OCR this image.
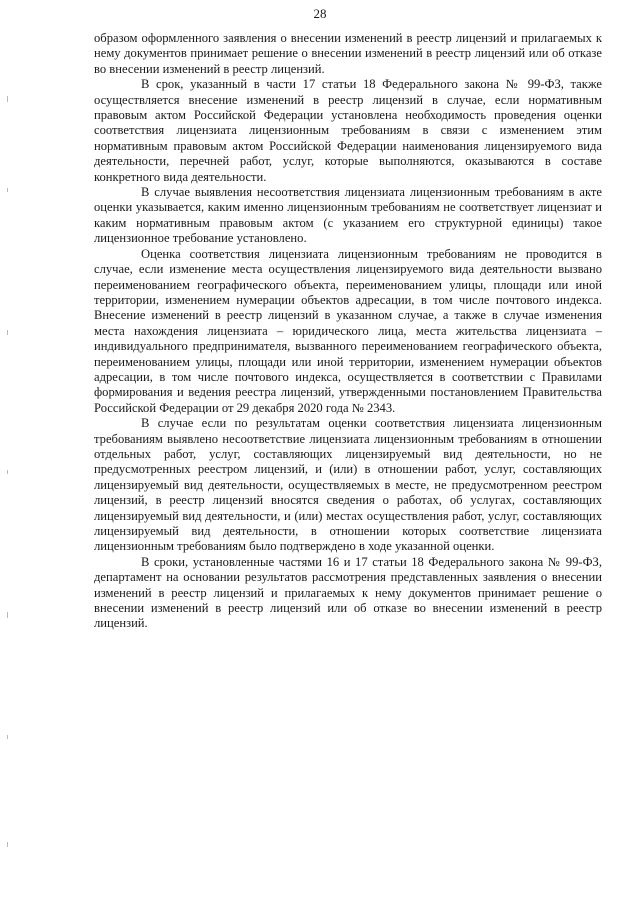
28

образом оформленного заявления о внесении изменений в реестр лицензий и прилагаемых к нему документов принимает решение о внесении изменений в реестр лицензий или об отказе во внесении изменений в реестр лицензий.

В срок, указанный в части 17 статьи 18 Федерального закона № 99-ФЗ, также осуществляется внесение изменений в реестр лицензий в случае, если нормативным правовым актом Российской Федерации установлена необходимость проведения оценки соответствия лицензиата лицензионным требованиям в связи с изменением этим нормативным правовым актом Российской Федерации наименования лицензируемого вида деятельности, перечней работ, услуг, которые выполняются, оказываются в составе конкретного вида деятельности.

В случае выявления несоответствия лицензиата лицензионным требованиям в акте оценки указывается, каким именно лицензионным требованиям не соответствует лицензиат и каким нормативным правовым актом (с указанием его структурной единицы) такое лицензионное требование установлено.

Оценка соответствия лицензиата лицензионным требованиям не проводится в случае, если изменение места осуществления лицензируемого вида деятельности вызвано переименованием географического объекта, переименованием улицы, площади или иной территории, изменением нумерации объектов адресации, в том числе почтового индекса. Внесение изменений в реестр лицензий в указанном случае, а также в случае изменения места нахождения лицензиата – юридического лица, места жительства лицензиата – индивидуального предпринимателя, вызванного переименованием географического объекта, переименованием улицы, площади или иной территории, изменением нумерации объектов адресации, в том числе почтового индекса, осуществляется в соответствии с Правилами формирования и ведения реестра лицензий, утвержденными постановлением Правительства Российской Федерации от 29 декабря 2020 года № 2343.

В случае если по результатам оценки соответствия лицензиата лицензионным требованиям выявлено несоответствие лицензиата лицензионным требованиям в отношении отдельных работ, услуг, составляющих лицензируемый вид деятельности, но не предусмотренных реестром лицензий, и (или) в отношении работ, услуг, составляющих лицензируемый вид деятельности, осуществляемых в месте, не предусмотренном реестром лицензий, в реестр лицензий вносятся сведения о работах, об услугах, составляющих лицензируемый вид деятельности, и (или) местах осуществления работ, услуг, составляющих лицензируемый вид деятельности, в отношении которых соответствие лицензиата лицензионным требованиям было подтверждено в ходе указанной оценки.

В сроки, установленные частями 16 и 17 статьи 18 Федерального закона № 99-ФЗ, департамент на основании результатов рассмотрения представленных заявления о внесении изменений в реестр лицензий и прилагаемых к нему документов принимает решение о внесении изменений в реестр лицензий или об отказе во внесении изменений в реестр лицензий.
